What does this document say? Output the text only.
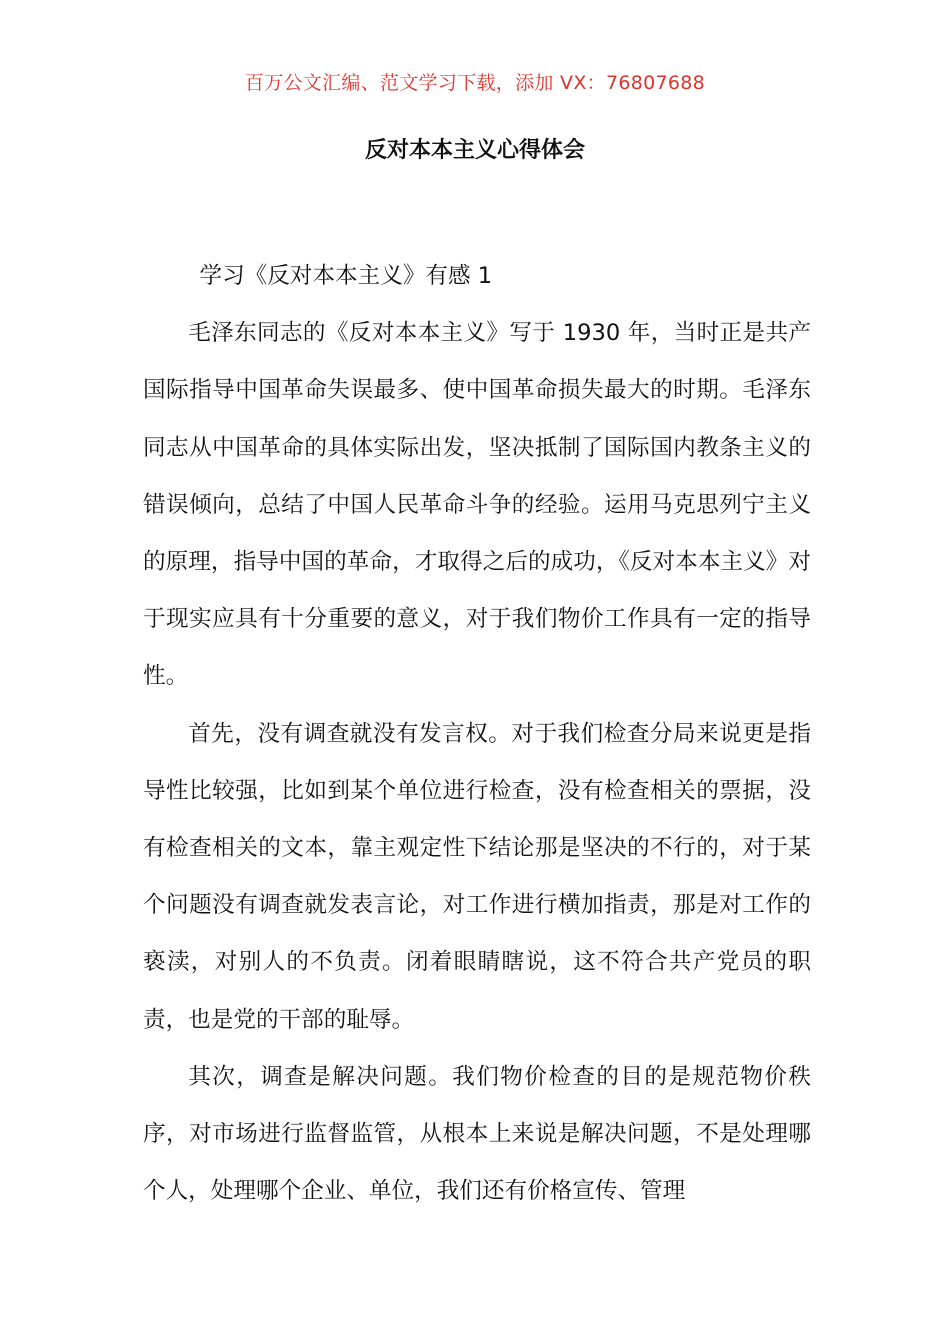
百万公文汇编、范文学习下载，添加 VX：76807688
反对本本主义心得体会

学习《反对本本主义》有感 1

毛泽东同志的《反对本本主义》写于 1930 年，当时正是共产国际指导中国革命失误最多、使中国革命损失最大的时期。毛泽东同志从中国革命的具体实际出发，坚决抵制了国际国内教条主义的错误倾向，总结了中国人民革命斗争的经验。运用马克思列宁主义的原理，指导中国的革命，才取得之后的成功，《反对本本主义》对于现实应具有十分重要的意义，对于我们物价工作具有一定的指导性。

首先，没有调查就没有发言权。对于我们检查分局来说更是指导性比较强，比如到某个单位进行检查，没有检查相关的票据，没有检查相关的文本，靠主观定性下结论那是坚决的不行的，对于某个问题没有调查就发表言论，对工作进行横加指责，那是对工作的亵渎，对别人的不负责。闭着眼睛瞎说，这不符合共产党员的职责，也是党的干部的耻辱。

其次，调查是解决问题。我们物价检查的目的是规范物价秩序，对市场进行监督监管，从根本上来说是解决问题，不是处理哪个人，处理哪个企业、单位，我们还有价格宣传、管理
